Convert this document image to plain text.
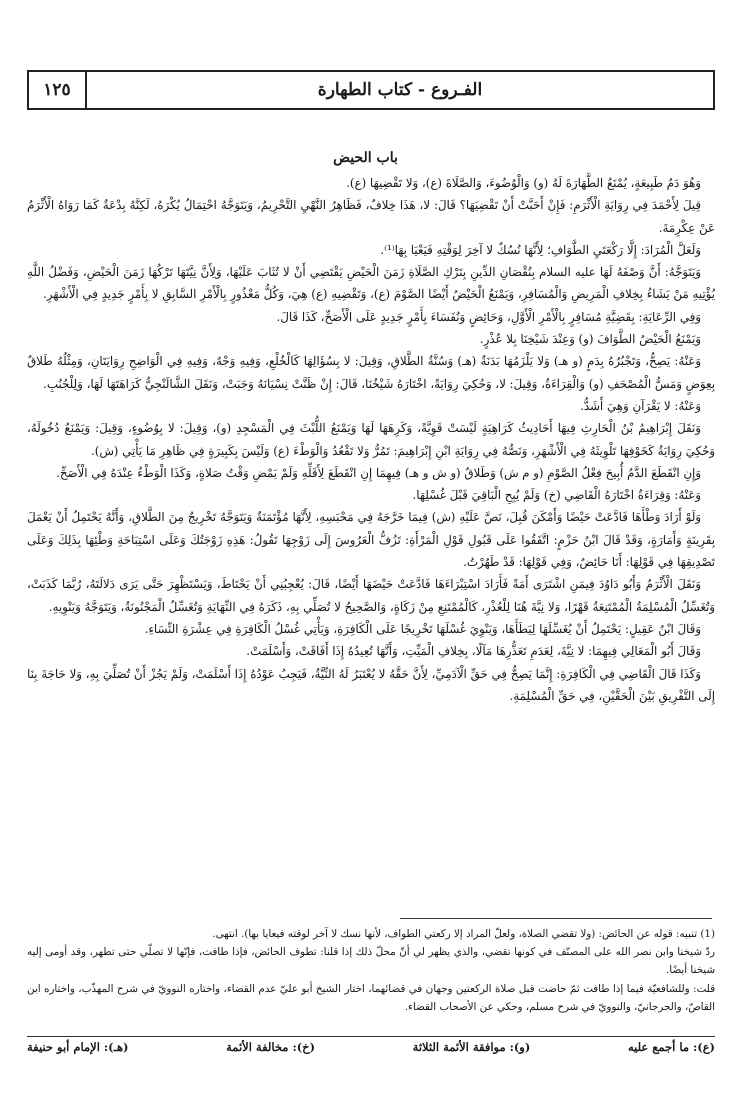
الفـروع - كتاب الطهارة
١٢٥
باب الحيض

وَهُوَ دَمُ طَبِيعَةٍ، يُمْنَعُ الطَّهَارَةَ لَهُ (و) وَالْوُضُوءَ، وَالصَّلَاةَ (ع)، وَلا تَقْضِيهَا (ع).

قِيلَ لِأَحْمَدَ فِي رِوَايَةِ الْأَثْرَمِ: فَإِنْ أَحَبَّتْ أَنْ تَقْضِيَهَا؟ قَالَ: لا، هَذَا خِلافٌ، فَظَاهِرُ النَّهْيِ التَّحْرِيمُ، وَيَتَوَجَّهُ احْتِمَالُ يُكْرَهُ، لَكِنَّهُ بِدْعَةٌ كَمَا رَوَاهُ الْأَثْرَمُ عَنْ عِكْرِمَةَ.

وَلَعَلَّ الْمُرَادَ: إِلَّا رَكْعَتَيِ الطَّوَافِ؛ لِأَنَّهَا نُسُكٌ لا آخِرَ لِوَقْتِهِ فَيَعْيَا بِهَا⁽¹⁾.

وَيَتَوَجَّهُ: أَنَّ وَصْفَهُ لَهَا عليه السلام بِنُقْصَانِ الدِّينِ بِتَرْكِ الصَّلَاةِ زَمَنَ الْحَيْضِ يَقْتَضِي أَنْ لا تُثَابَ عَلَيْهَا، وَلِأَنَّ نِيَّتَهَا تَرْكُهَا زَمَنَ الْحَيْضِ، وَفَضْلُ اللَّهِ يُؤْتِيهِ مَنْ يَشَاءُ بِخِلافِ الْمَرِيضِ وَالْمُسَافِرِ، وَيَمْنَعُ الْحَيْضُ أَيْضًا الصَّوْمَ (ع)، وَتَقْضِيهِ (ع) هِيَ، وَكُلُّ مَعْذُورٍ بِالْأَمْرِ السَّابِقِ لا بِأَمْرٍ جَدِيدٍ فِي الْأَشْهَرِ.

وَفِي الرِّعَايَةِ: بِقَضِيَّةِ مُسَافِرٍ بِالْأَمْرِ الْأَوَّلِ، وَحَائِضٍ وَنُفَسَاءَ بِأَمْرٍ جَدِيدٍ عَلَى الْأَصَحِّ، كَذَا قَالَ.

وَيَمْنَعُ الْحَيْضُ الطَّوَافَ (و) وَعِنْدَ شَيْخِنَا بِلا عُذْرٍ.

وَعَنْهُ: يَصِحُّ، وَتَجْبُرُهُ بِدَمٍ (و هـ) وَلا يَلْزَمُهَا بَدَنَةٌ (هـ) وَسُنَّةُ الطَّلاقِ، وَقِيلَ: لا بِسُؤَالِهَا كَالْخُلْعِ، وَفِيهِ وَجْهٌ، وَفِيهِ فِي الْوَاضِحِ رِوَايَتَانِ، وَمِثْلُهُ طَلاقٌ بِعِوَضٍ وَمَسُّ الْمُصْحَفِ (و) وَالْقِرَاءَةُ، وَقِيلَ: لا، وَحُكِيَ رِوَايَةً، اخْتَارَهُ شَيْخُنَا، قَالَ: إِنْ ظَنَّتْ نِسْيَانَهُ وَجَبَتْ، وَنَقَلَ الشَّالَنْجِيُّ كَرَاهَتَهَا لَهَا، وَلِلْجُنُبِ.

وَعَنْهُ: لا يَقْرَآنِ وَهِيَ أَشَدُّ.

وَنَقَلَ إِبْرَاهِيمُ بْنُ الْحَارِثِ فِيهَا أَحَادِيثُ كَرَاهِيَةٍ لَيْسَتْ قَوِيَّةً، وَكَرِهَهَا لَهَا وَيَمْنَعُ اللُّبْثَ فِي الْمَسْجِدِ (و)، وَقِيلَ: لا بِوُضُوءٍ، وَقِيلَ: وَيَمْنَعُ دُخُولَهُ، وَحُكِيَ رِوَايَةُ كَخَوْفِهَا تَلْوِيثَهُ فِي الْأَشْهَرِ، وَنَصُّهُ فِي رِوَايَةِ ابْنِ إِبْرَاهِيمَ: تَمُرُّ وَلا تَقْعُدُ وَالْوَطْءَ (ع) وَلَيْسَ بِكَبِيرَةٍ فِي ظَاهِرِ مَا يَأْتِي (ش).

وَإِنِ انْقَطَعَ الدَّمُ أُبِيحَ فِعْلُ الصَّوْمِ (و م ش) وَطَلاقٌ (و ش و هـ) فِيهِمَا إِنِ انْقَطَعَ لِأَقَلِّهِ وَلَمْ يَمْضِ وَقْتُ صَلاةٍ، وَكَذَا الْوَطْءُ عِنْدَهُ فِي الْأَصَحِّ.

وَعَنْهُ: وَقِرَاءَةٌ اخْتَارَهُ الْقَاضِي (خ) وَلَمْ يُبِحِ الْبَاقِيَ قَبْلَ غُسْلِهَا.

وَلَوْ أَرَادَ وَطْأَهَا فَادَّعَتْ حَيْضًا وَأَمْكَنَ قُبِلَ، نَصَّ عَلَيْهِ (ش) فِيمَا خَرَّجَهُ فِي مَحْبَسِهِ، لِأَنَّهَا مُؤْتَمَنَةٌ وَيَتَوَجَّهُ تَخْرِيجٌ مِنَ الطَّلاقِ، وَأَنَّهُ يَحْتَمِلُ أَنْ يَعْمَلَ بِقَرِينَةٍ وَأَمَارَةٍ، وَقَدْ قَالَ ابْنُ حَزْمٍ: اتَّفَقُوا عَلَى قَبُولِ قَوْلِ الْمَرْأَةِ: تَزُفُّ الْعَرُوسَ إِلَى زَوْجِهَا تَقُولُ: هَذِهِ زَوْجَتُكَ وَعَلَى اسْتِبَاحَةِ وَطْئِهَا بِذَلِكَ وَعَلَى تَصْدِيقِهَا فِي قَوْلِهَا: أَنَا حَائِضٌ، وَفِي قَوْلِهَا: قَدْ طَهُرْتُ.

وَنَقَلَ الْأَثْرَمُ وَأَبُو دَاوُدَ فِيمَنِ اشْتَرَى أَمَةً فَأَرَادَ اسْتِبْرَاءَهَا فَادَّعَتْ حَيْضَهَا أَيْضًا، قَالَ: يُعْجِبُنِي أَنْ يَحْتَاطَ، وَيَسْتَظْهِرَ حَتَّى يَرَى دَلالَتَهُ، رُبَّمَا كَذَبَتْ، وَتُغَسِّلُ الْمُسْلِمَةُ الْمُمْتَنِعَةُ قَهْرًا، وَلا نِيَّةَ هُنَا لِلْعُذْرِ، كَالْمُمْتَنِعِ مِنْ زَكَاةٍ، وَالصَّحِيحُ لا تُصَلِّي بِهِ، ذَكَرَهُ فِي النِّهَايَةِ وَتُغَسِّلُ الْمَجْنُونَةُ، وَيَتَوَجَّهُ وَيَنْوِيهِ.

وَقَالَ ابْنُ عَقِيلٍ: يَحْتَمِلُ أَنْ يُغَسِّلَهَا لِيَطَأَهَا، وَيَنْوِيَ غُسْلَهَا تَخْرِيجًا عَلَى الْكَافِرَةِ، وَيَأْتِي غُسْلُ الْكَافِرَةِ فِي عِشْرَةِ النِّسَاءِ.

وَقَالَ أَبُو الْمَعَالِي فِيهِمَا: لا نِيَّةَ، لِعَدَمِ تَعَذُّرِهَا مَآلًا، بِخِلافِ الْمَيِّتِ، وَأَنَّهَا تُعِيدُهُ إِذَا أَفَاقَتْ، وَأَسْلَمَتْ.

وَكَذَا قَالَ الْقَاضِي فِي الْكَافِرَةِ: إِنَّمَا يَصِحُّ فِي حَقِّ الْآدَمِيِّ، لِأَنَّ حَقَّهُ لا يُعْتَبَرُ لَهُ النِّيَّةُ، فَيَجِبُ عَوْدُهُ إِذَا أَسْلَمَتْ، وَلَمْ يَجُزْ أَنْ تُصَلِّيَ بِهِ، وَلا حَاجَةَ بِنَا إِلَى التَّفْرِيقِ بَيْنَ الْحَقَّيْنِ، فِي حَقِّ الْمُسْلِمَةِ.

(1) تنبيه: قوله عن الحائض: (ولا تقضي الصلاة، ولعلّ المراد إلا ركعتي الطواف، لأنها نسك لا آخر لوقته فيعايا بها). انتهى.

ردّ شيخنا وابن نصر الله على المصنّف في كونها تقضي، والذي يظهر لي أنّ محلّ ذلك إذا قلنا: تطوف الحائض، فإذا طافت، فإنّها لا تصلّي حتى تطهر، وقد أومى إليه شيخنا أيضًا.

قلت: وللشافعيّة فيما إذا طافت ثمّ حاضت قبل صلاة الركعتين وجهان في قضائهما، اختار الشيخ أبو عليّ عدم القضاء، واختاره النوويّ في شرح المهذّب، واختاره ابن القاصّ، والجرجانيّ، والنوويّ في شرح مسلم، وحكي عن الأصحاب القضاء.

(ع): ما أجمع عليه
(و): موافقة الأئمة الثلاثة
(خ): مخالفة الأئمة
(هـ): الإمام أبو حنيفة
